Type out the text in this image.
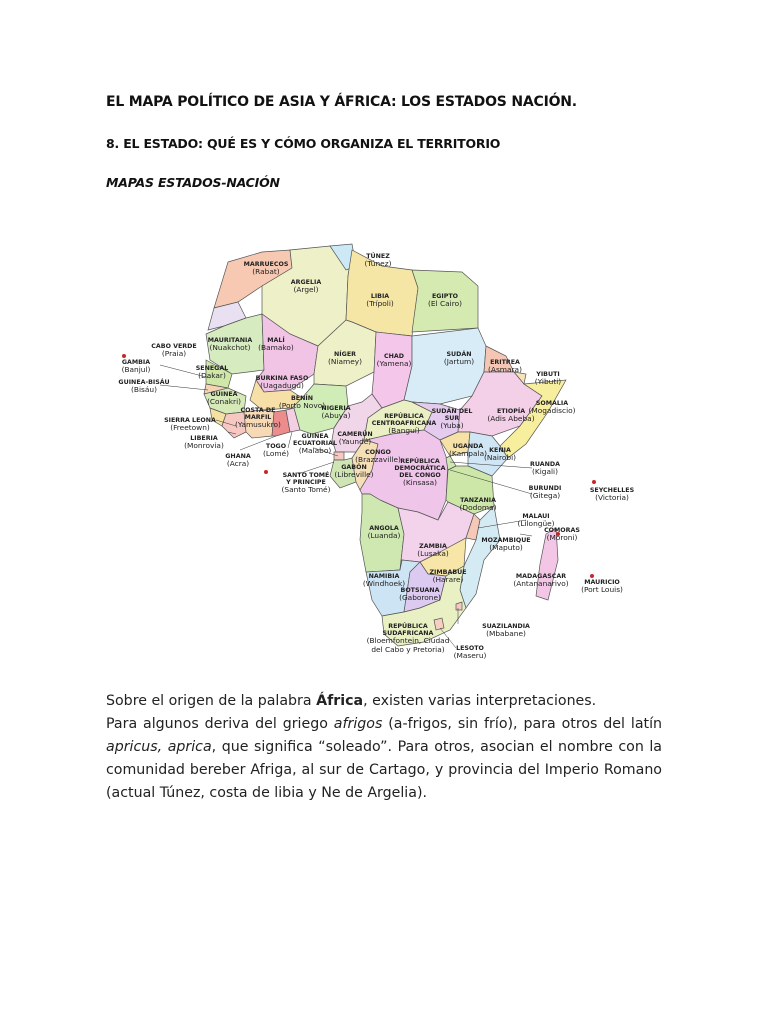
EL MAPA POLÍTICO DE ASIA Y ÁFRICA: LOS ESTADOS NACIÓN.
8. EL ESTADO: QUÉ ES Y CÓMO ORGANIZA EL TERRITORIO
MAPAS ESTADOS-NACIÓN
TÚNEZ
(Túnez)
MARRUECOS
(Rabat)
ARGELIA
(Argel)
LIBIA
(Trípoli)
EGIPTO
(El Cairo)
MAURITANIA
(Nuakchot)
MALÍ
(Bamako)
CABO VERDE
(Praia)
GAMBIA
(Banjul)	SENEGAL
(Dakar)
NÍGER
(Niamey)
CHAD
(Yamena)
SUDÁN
(Jartum)	ERITREA
(Asmara)
YIBUTI
(Yibuti)
GUINEA-BISÁU
(Bisáu)
BURKINA FASO
(Uagadugú)
GUINEA
(Conakri)	BENÍN
(Porto Novo)
NIGERIA
(Abuya)	REPÚBLICA
CENTROAFRICANA
(Banguí)
SUDÁN DEL
SUR
(Yuba)
ETIOPÍA
(Adis Abeba)
SOMALIA
(Mogadiscio)
SIERRA LEONA
(Freetown)
LIBERIA
(Monrovia)
COSTA DE
MARFIL
(Yamusukro)
GHANA
(Acra)
TOGO
(Lomé)
GUINEA
ECUATORIAL
(Malabo)
CAMERÚN
(Yaundé)
CONGO
(Brazzaville)
GABÓN
(Libreville)
REPÚBLICA
DEMOCRÁTICA
DEL CONGO
(Kinsasa)
UGANDA
(Kampala) KENIA
(Nairobi)
RUANDA
(Kigali)
BURUNDI
(Gitega)
SEYCHELLES
(Victoria)
SANTO TOMÉ
Y PRINCIPE
(Santo Tomé)
TANZANIA
(Dodoma)
MALAUI
(Lilongüe)
COMORAS
(Moroni)
ANGOLA
(Luanda)
ZAMBIA
(Lusaka)
MOZAMBIQUE
(Maputo)
ZIMBABUE
(Harare)
NAMIBIA
(Windhoek)
BOTSUANA
(Gaborone)
MADAGASCAR
(Antananarivo) MAURICIO
(Port Louis)
SUAZILANDIA
(Mbabane)
REPÚBLICA
SUDAFRICANA
(Bloemfontein, Ciudad
del Cabo y Pretoria) LESOTO
(Maseru)

Sobre el origen de la palabra África, existen varias interpretaciones.

Para algunos deriva del griego afrigos (a-frigos, sin frío), para otros del latín apricus, aprica, que significa “soleado”. Para otros, asocian el nombre con la comunidad bereber Afriga, al sur de Cartago, y provincia del Imperio Romano (actual Túnez, costa de libia y Ne de Argelia).
